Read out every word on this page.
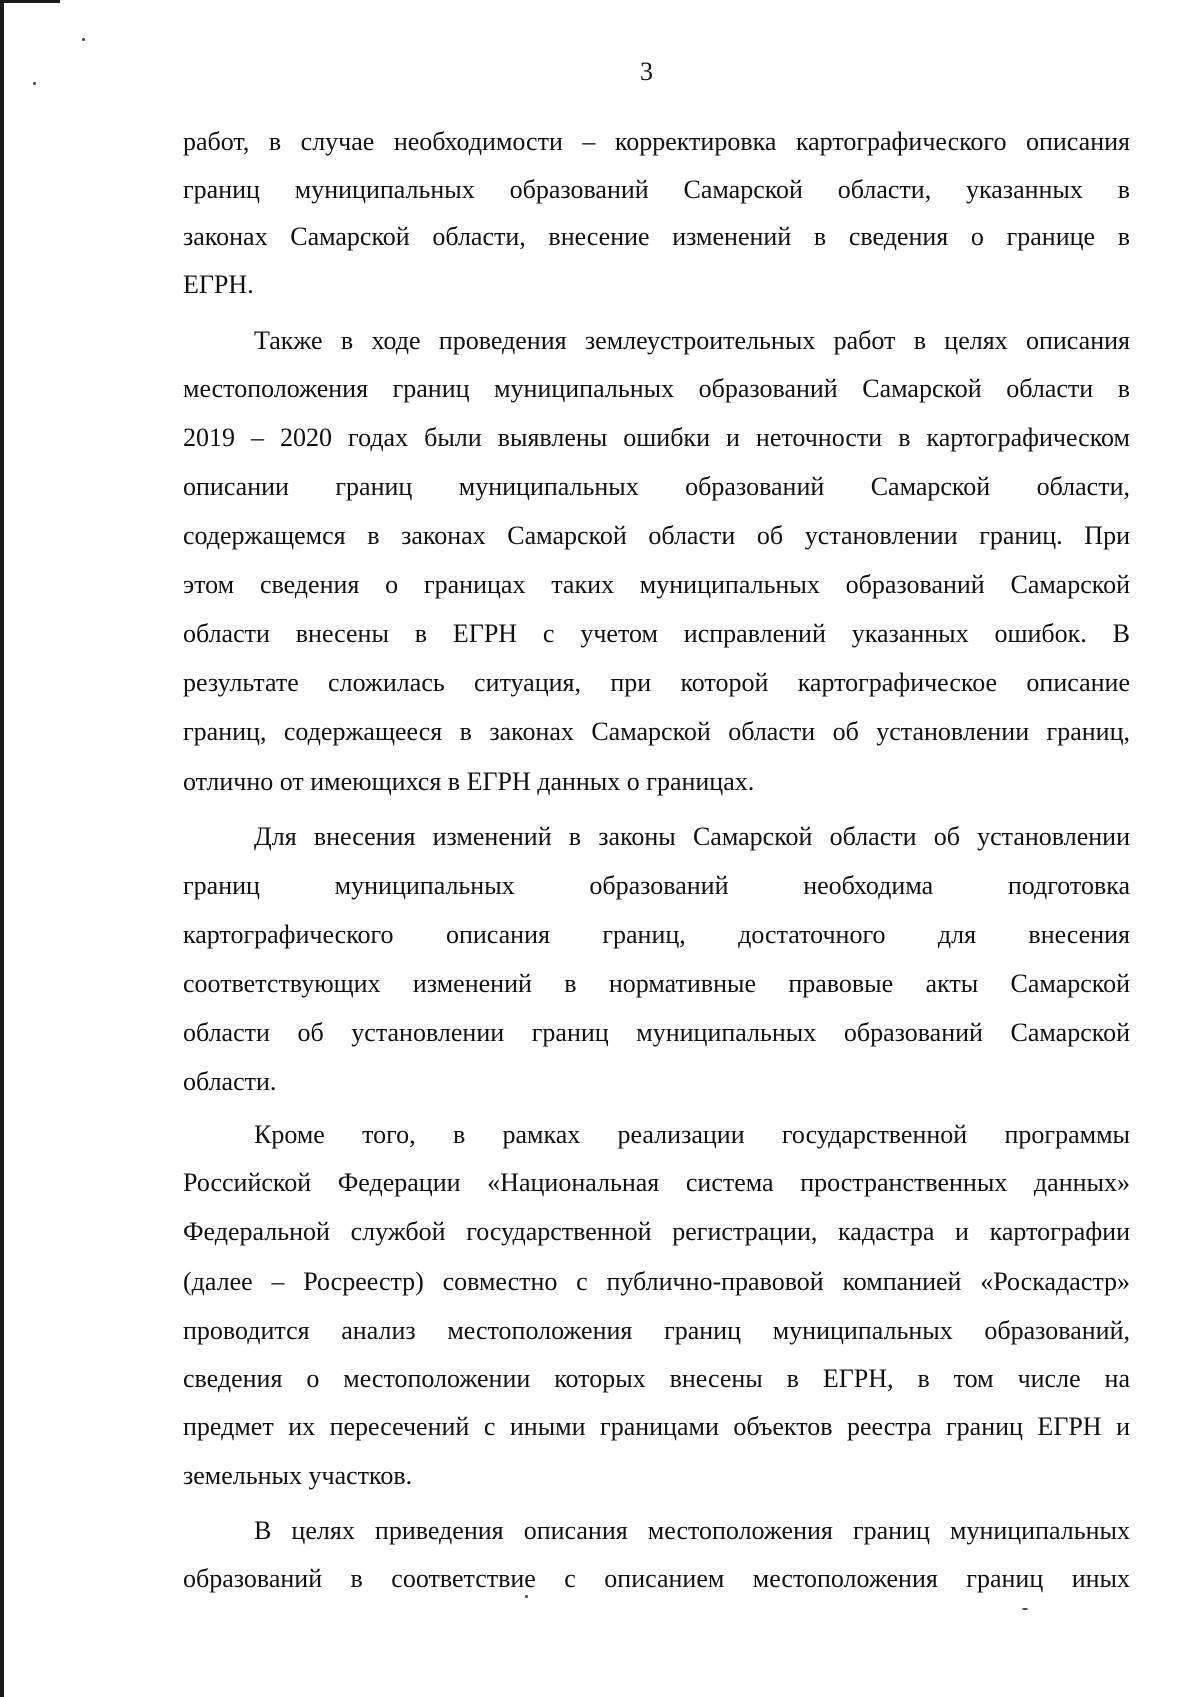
3
работ, в случае необходимости – корректировка картографического описания
границ муниципальных образований Самарской области, указанных в
законах Самарской области, внесение изменений в сведения о границе в
ЕГРН.
Также в ходе проведения землеустроительных работ в целях описания
местоположения границ муниципальных образований Самарской области в
2019 – 2020 годах были выявлены ошибки и неточности в картографическом
описании границ муниципальных образований Самарской области,
содержащемся в законах Самарской области об установлении границ. При
этом сведения о границах таких муниципальных образований Самарской
области внесены в ЕГРН с учетом исправлений указанных ошибок. В
результате сложилась ситуация, при которой картографическое описание
границ, содержащееся в законах Самарской области об установлении границ,
отлично от имеющихся в ЕГРН данных о границах.
Для внесения изменений в законы Самарской области об установлении
границ муниципальных образований необходима подготовка
картографического описания границ, достаточного для внесения
соответствующих изменений в нормативные правовые акты Самарской
области об установлении границ муниципальных образований Самарской
области.
Кроме того, в рамках реализации государственной программы
Российской Федерации «Национальная система пространственных данных»
Федеральной службой государственной регистрации, кадастра и картографии
(далее – Росреестр) совместно с публично-правовой компанией «Роскадастр»
проводится анализ местоположения границ муниципальных образований,
сведения о местоположении которых внесены в ЕГРН, в том числе на
предмет их пересечений с иными границами объектов реестра границ ЕГРН и
земельных участков.
В целях приведения описания местоположения границ муниципальных
образований в соответствие с описанием местоположения границ иных
